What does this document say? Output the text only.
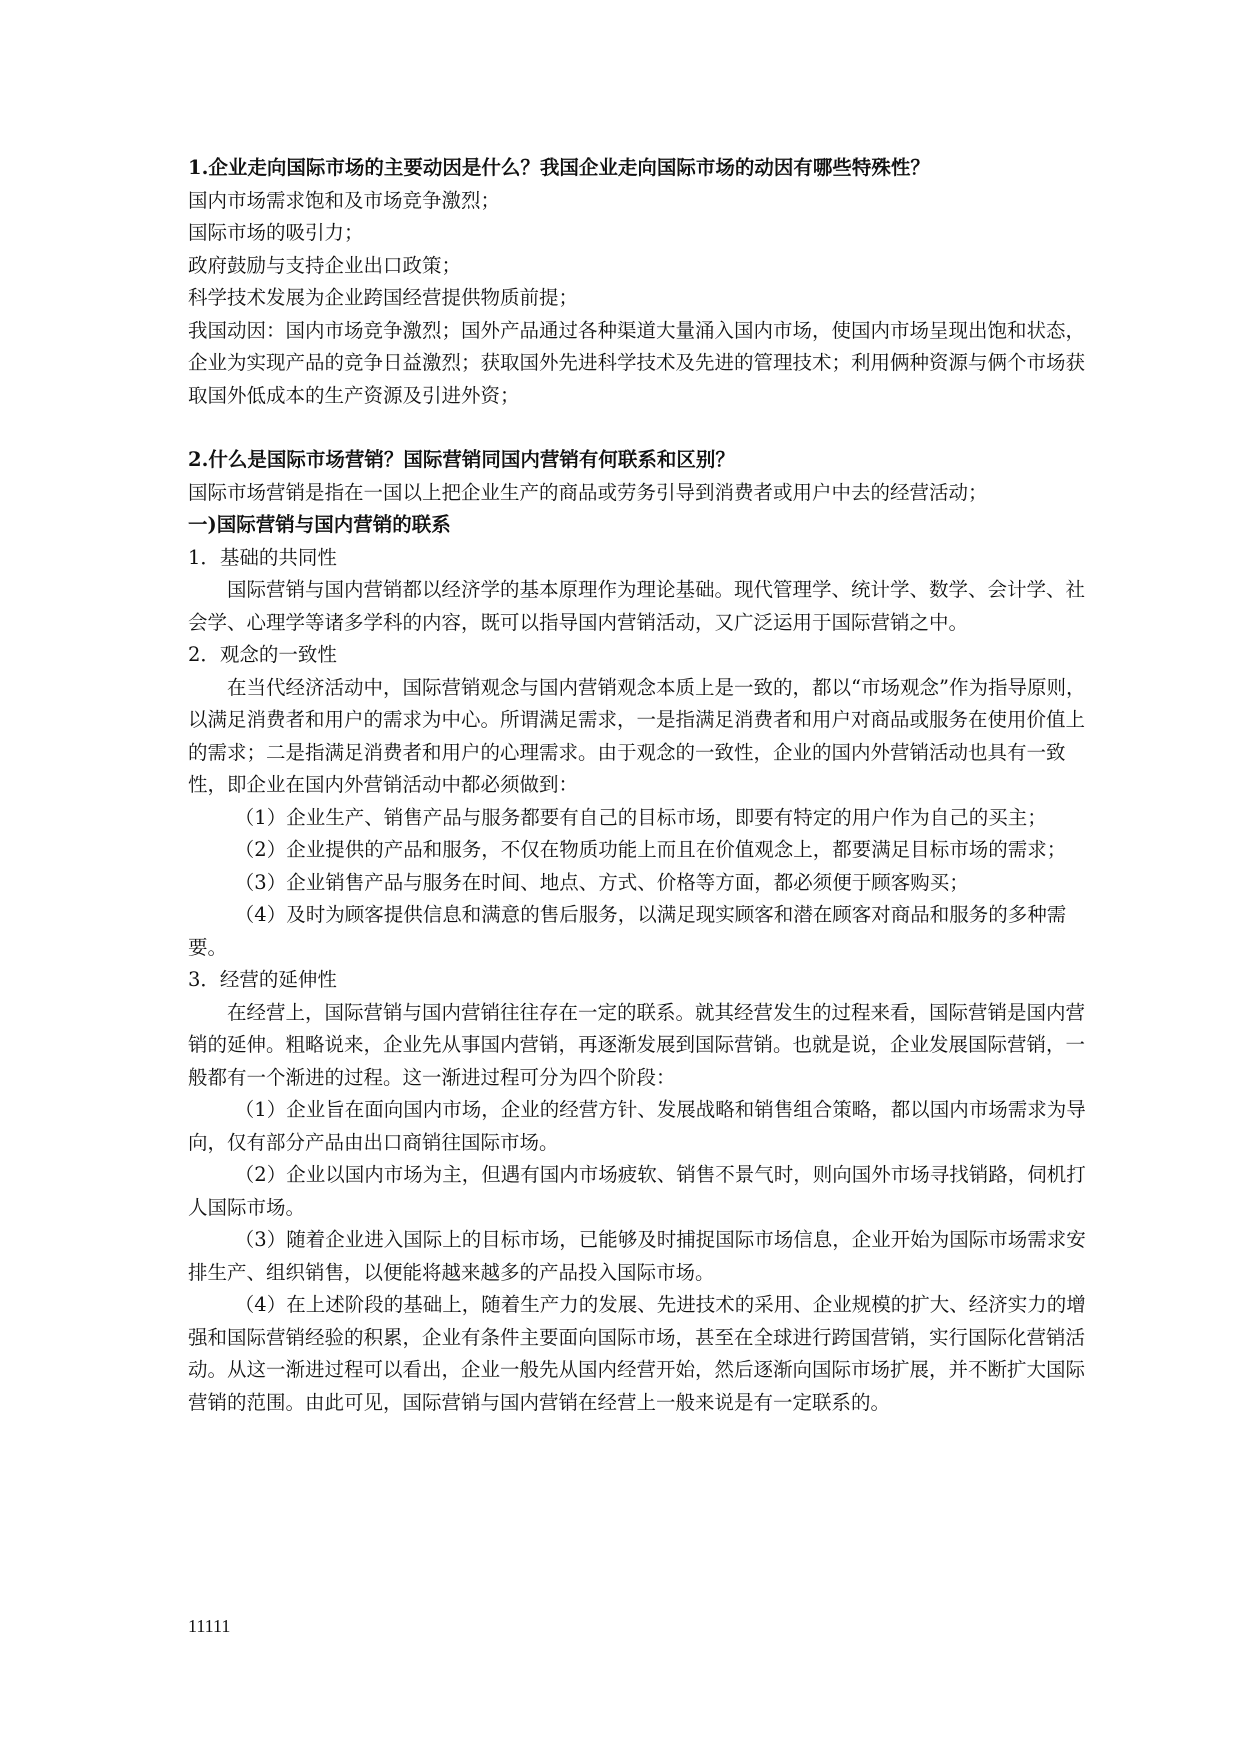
1.企业走向国际市场的主要动因是什么？我国企业走向国际市场的动因有哪些特殊性？

国内市场需求饱和及市场竞争激烈；

国际市场的吸引力；

政府鼓励与支持企业出口政策；

科学技术发展为企业跨国经营提供物质前提；

我国动因：国内市场竞争激烈；国外产品通过各种渠道大量涌入国内市场，使国内市场呈现出饱和状态，企业为实现产品的竞争日益激烈；获取国外先进科学技术及先进的管理技术；利用俩种资源与俩个市场获取国外低成本的生产资源及引进外资；

2.什么是国际市场营销？国际营销同国内营销有何联系和区别？

国际市场营销是指在一国以上把企业生产的商品或劳务引导到消费者或用户中去的经营活动；

一)国际营销与国内营销的联系

1．基础的共同性

国际营销与国内营销都以经济学的基本原理作为理论基础。现代管理学、统计学、数学、会计学、社会学、心理学等诸多学科的内容，既可以指导国内营销活动，又广泛运用于国际营销之中。

2．观念的一致性

在当代经济活动中，国际营销观念与国内营销观念本质上是一致的，都以“市场观念”作为指导原则，以满足消费者和用户的需求为中心。所谓满足需求，一是指满足消费者和用户对商品或服务在使用价值上的需求；二是指满足消费者和用户的心理需求。由于观念的一致性，企业的国内外营销活动也具有一致性，即企业在国内外营销活动中都必须做到：

（1）企业生产、销售产品与服务都要有自己的目标市场，即要有特定的用户作为自己的买主；

（2）企业提供的产品和服务，不仅在物质功能上而且在价值观念上，都要满足目标市场的需求；

（3）企业销售产品与服务在时间、地点、方式、价格等方面，都必须便于顾客购买；

（4）及时为顾客提供信息和满意的售后服务，以满足现实顾客和潜在顾客对商品和服务的多种需要。

3．经营的延伸性

在经营上，国际营销与国内营销往往存在一定的联系。就其经营发生的过程来看，国际营销是国内营销的延伸。粗略说来，企业先从事国内营销，再逐渐发展到国际营销。也就是说，企业发展国际营销，一般都有一个渐进的过程。这一渐进过程可分为四个阶段：

（1）企业旨在面向国内市场，企业的经营方针、发展战略和销售组合策略，都以国内市场需求为导向，仅有部分产品由出口商销往国际市场。

（2）企业以国内市场为主，但遇有国内市场疲软、销售不景气时，则向国外市场寻找销路，伺机打人国际市场。

（3）随着企业进入国际上的目标市场，已能够及时捕捉国际市场信息，企业开始为国际市场需求安排生产、组织销售，以便能将越来越多的产品投入国际市场。

（4）在上述阶段的基础上，随着生产力的发展、先进技术的采用、企业规模的扩大、经济实力的增强和国际营销经验的积累，企业有条件主要面向国际市场，甚至在全球进行跨国营销，实行国际化营销活动。从这一渐进过程可以看出，企业一般先从国内经营开始，然后逐渐向国际市场扩展，并不断扩大国际营销的范围。由此可见，国际营销与国内营销在经营上一般来说是有一定联系的。

11111
